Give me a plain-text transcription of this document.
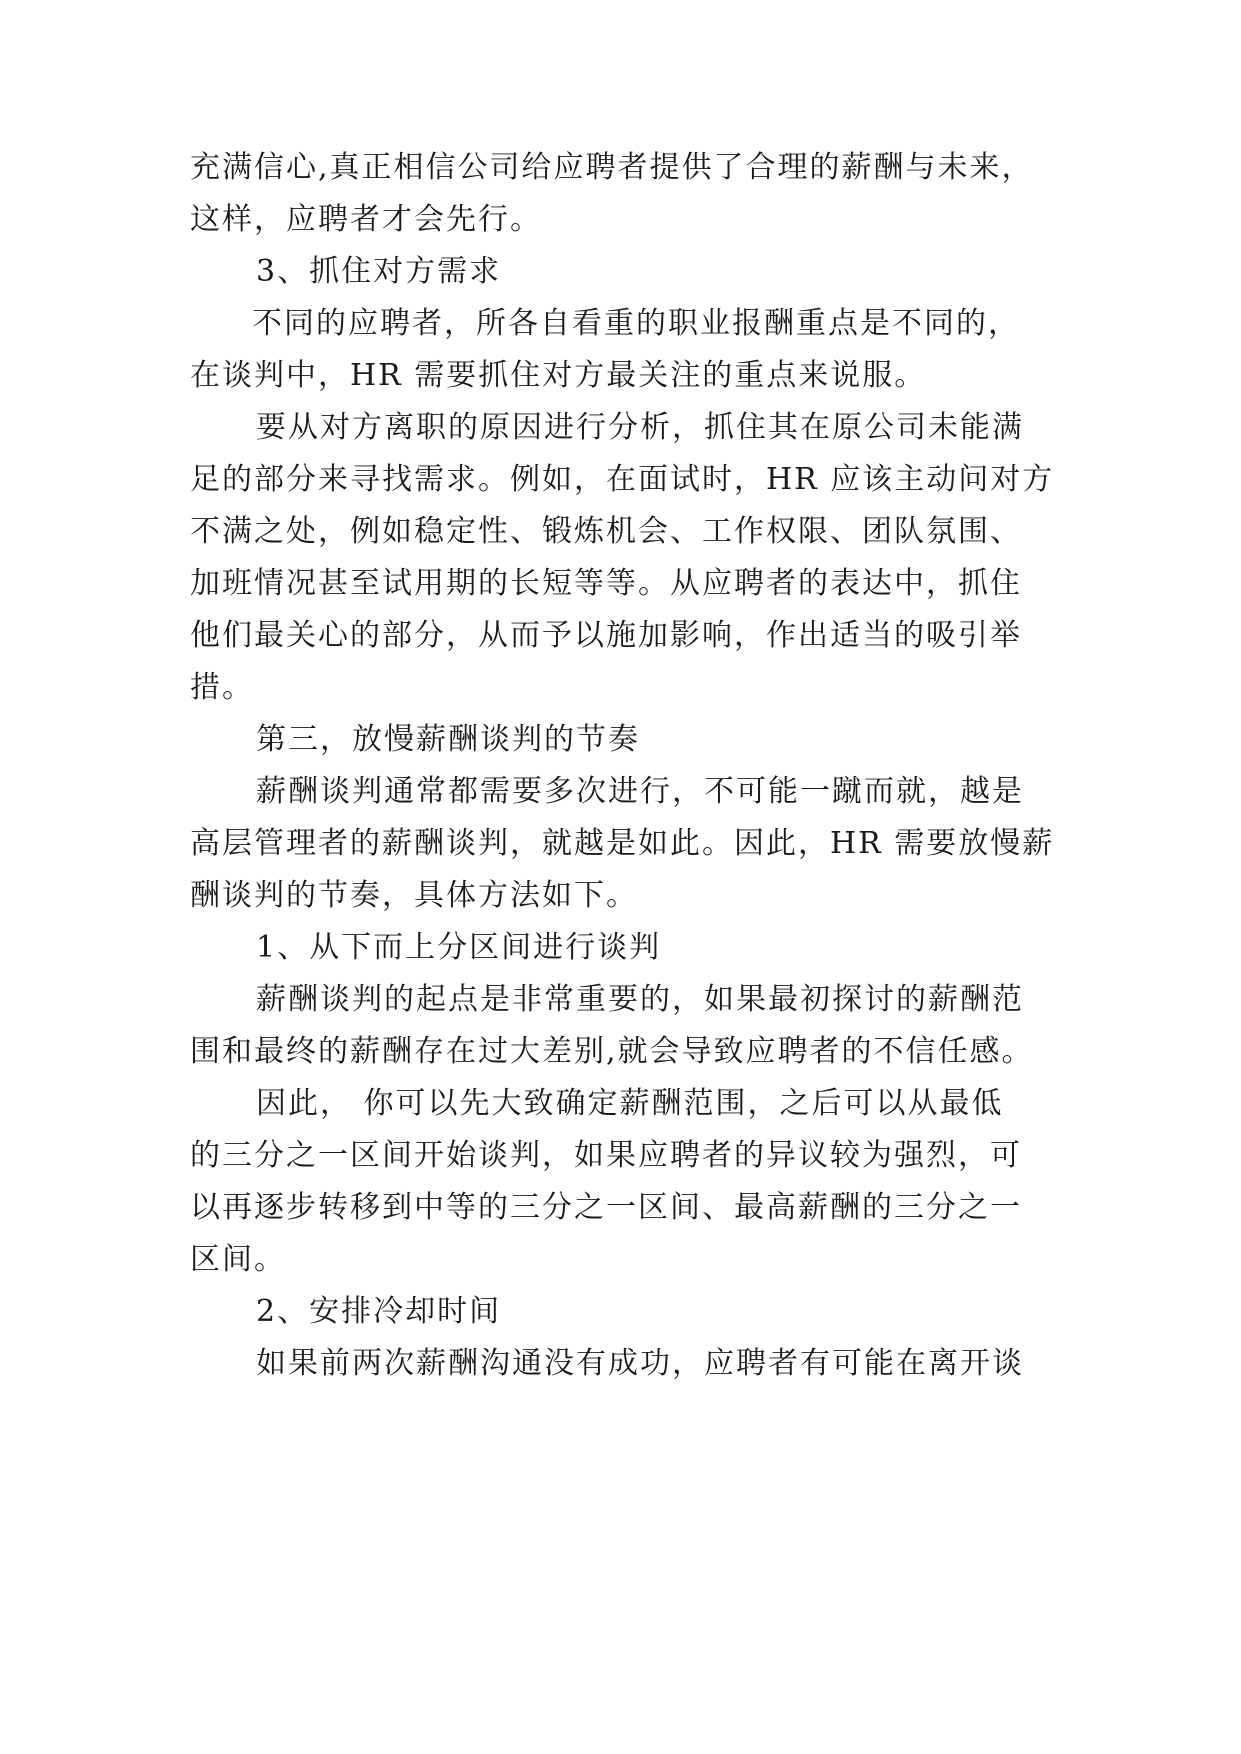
充满信心,真正相信公司给应聘者提供了合理的薪酬与未来，
这样，应聘者才会先行。
3、抓住对方需求
不同的应聘者，所各自看重的职业报酬重点是不同的，
在谈判中，HR 需要抓住对方最关注的重点来说服。
要从对方离职的原因进行分析，抓住其在原公司未能满
足的部分来寻找需求。例如，在面试时，HR 应该主动问对方
不满之处，例如稳定性、锻炼机会、工作权限、团队氛围、
加班情况甚至试用期的长短等等。从应聘者的表达中，抓住
他们最关心的部分，从而予以施加影响，作出适当的吸引举
措。
第三，放慢薪酬谈判的节奏
薪酬谈判通常都需要多次进行，不可能一蹴而就，越是
高层管理者的薪酬谈判，就越是如此。因此，HR 需要放慢薪
酬谈判的节奏，具体方法如下。
1、从下而上分区间进行谈判
薪酬谈判的起点是非常重要的，如果最初探讨的薪酬范
围和最终的薪酬存在过大差别,就会导致应聘者的不信任感。
因此， 你可以先大致确定薪酬范围，之后可以从最低
的三分之一区间开始谈判，如果应聘者的异议较为强烈，可
以再逐步转移到中等的三分之一区间、最高薪酬的三分之一
区间。
2、安排冷却时间
如果前两次薪酬沟通没有成功，应聘者有可能在离开谈
